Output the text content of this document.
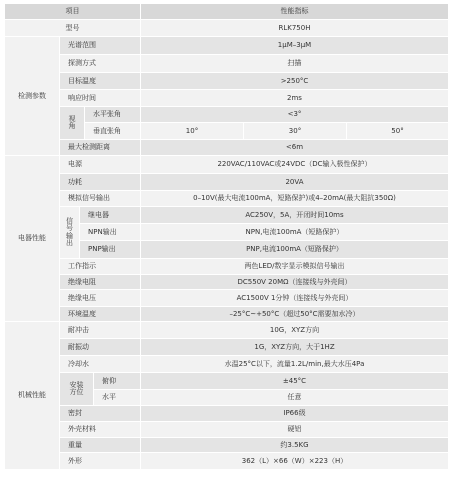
项目	性能指标
型号	RLK750H
检测参数
光谱范围	1μM–3μM
探测方式	扫描
目标温度	>250°C
响应时间	2ms
视
角
水平张角	<3°
垂直张角	10°	30°	50°
最大检测距离	<6m
电器性能
电源	220VAC/110VAC或24VDC（DC输入极性保护）
功耗	20VA
模拟信号输出	0–10V(最大电流100mA，短路保护)或4–20mA(最大阻抗350Ω)
信
号
输
出
继电器	AC250V，5A，开闭时间10ms
NPN输出	NPN,电流100mA（短路保护）
PNP输出	PNP,电流100mA（短路保护）
工作指示	两色LED/数字显示模拟信号输出
绝缘电阻	DC550V 20MΩ（连接线与外壳间）
绝缘电压	AC1500V 1分钟（连接线与外壳间）
环境温度	–25°C~+50°C（超过50°C需要加水冷）
机械性能
耐冲击	10G，XYZ方向
耐振动	1G，XYZ方向，大于1HZ
冷却水	水温25°C以下，流量1.2L/min,最大水压4Pa
安装
方位
俯仰	±45°C
水平	任意
密封	IP66级
外壳材料	硬铝
重量	约3.5KG
外形	362（L）×66（W）×223（H）
